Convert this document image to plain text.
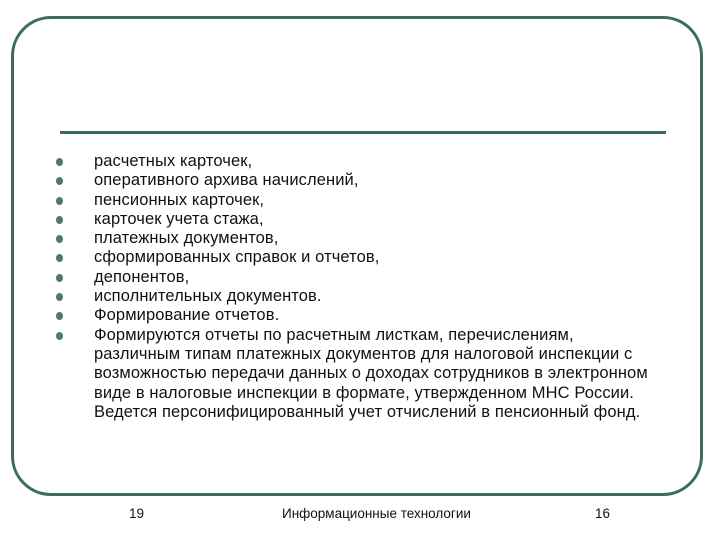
расчетных карточек,
оперативного архива начислений,
пенсионных карточек,
карточек учета стажа,
платежных документов,
сформированных справок и отчетов,
депонентов,
исполнительных документов.
Формирование отчетов.
Формируются отчеты по расчетным листкам, перечислениям, различным типам платежных документов для налоговой инспекции с возможностью передачи данных о доходах сотрудников в электронном виде в налоговые инспекции в формате, утвержденном МНС России. Ведется персонифицированный учет отчислений в пенсионный фонд.
19	Информационные технологии	16
